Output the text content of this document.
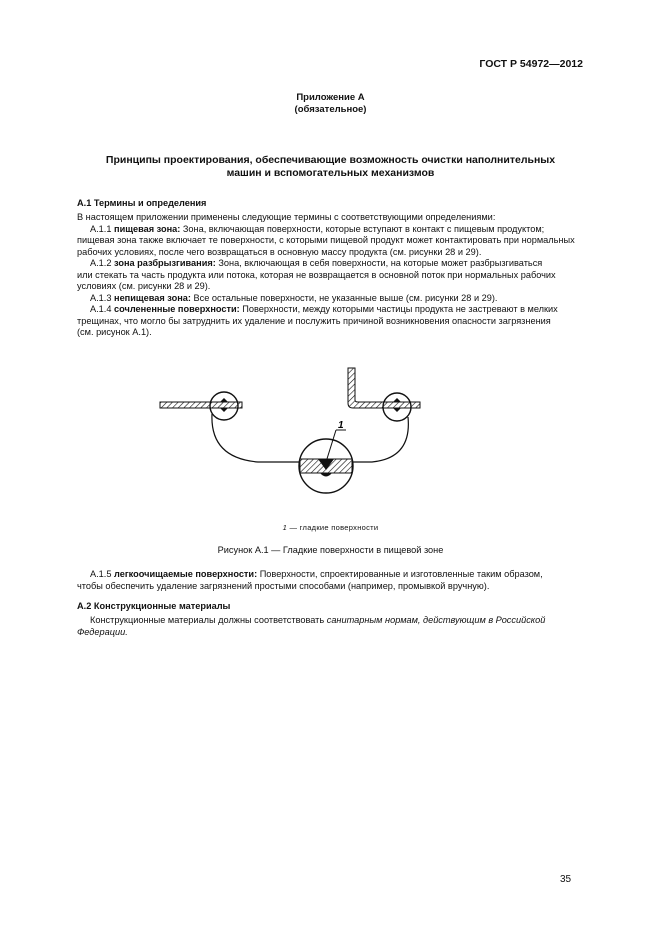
ГОСТ Р 54972—2012
Приложение А
(обязательное)
Принципы проектирования, обеспечивающие возможность очистки наполнительных
машин и вспомогательных механизмов
А.1 Термины и определения
В настоящем приложении применены следующие термины с соответствующими определениями:
А.1.1 пищевая зона: Зона, включающая поверхности, которые вступают в контакт с пищевым продуктом;
пищевая зона также включает те поверхности, с которыми пищевой продукт может контактировать при нормальных
рабочих условиях, после чего возвращаться в основную массу продукта (см. рисунки 28 и 29).
А.1.2 зона разбрызгивания: Зона, включающая в себя поверхности, на которые может разбрызгиваться
или стекать та часть продукта или потока, которая не возвращается в основной поток при нормальных рабочих
условиях (см. рисунки 28 и 29).
А.1.3 непищевая зона: Все остальные поверхности, не указанные выше (см. рисунки 28 и 29).
А.1.4 сочлененные поверхности: Поверхности, между которыми частицы продукта не застревают в мелких
трещинах, что могло бы затруднить их удаление и послужить причиной возникновения опасности загрязнения
(см. рисунок А.1).
1
1 — гладкие поверхности
Рисунок А.1 — Гладкие поверхности в пищевой зоне
А.1.5 легкоочищаемые поверхности: Поверхности, спроектированные и изготовленные таким образом,
чтобы обеспечить удаление загрязнений простыми способами (например, промывкой вручную).
А.2 Конструкционные материалы
Конструкционные материалы должны соответствовать санитарным нормам, действующим в Российской
Федерации.
35
